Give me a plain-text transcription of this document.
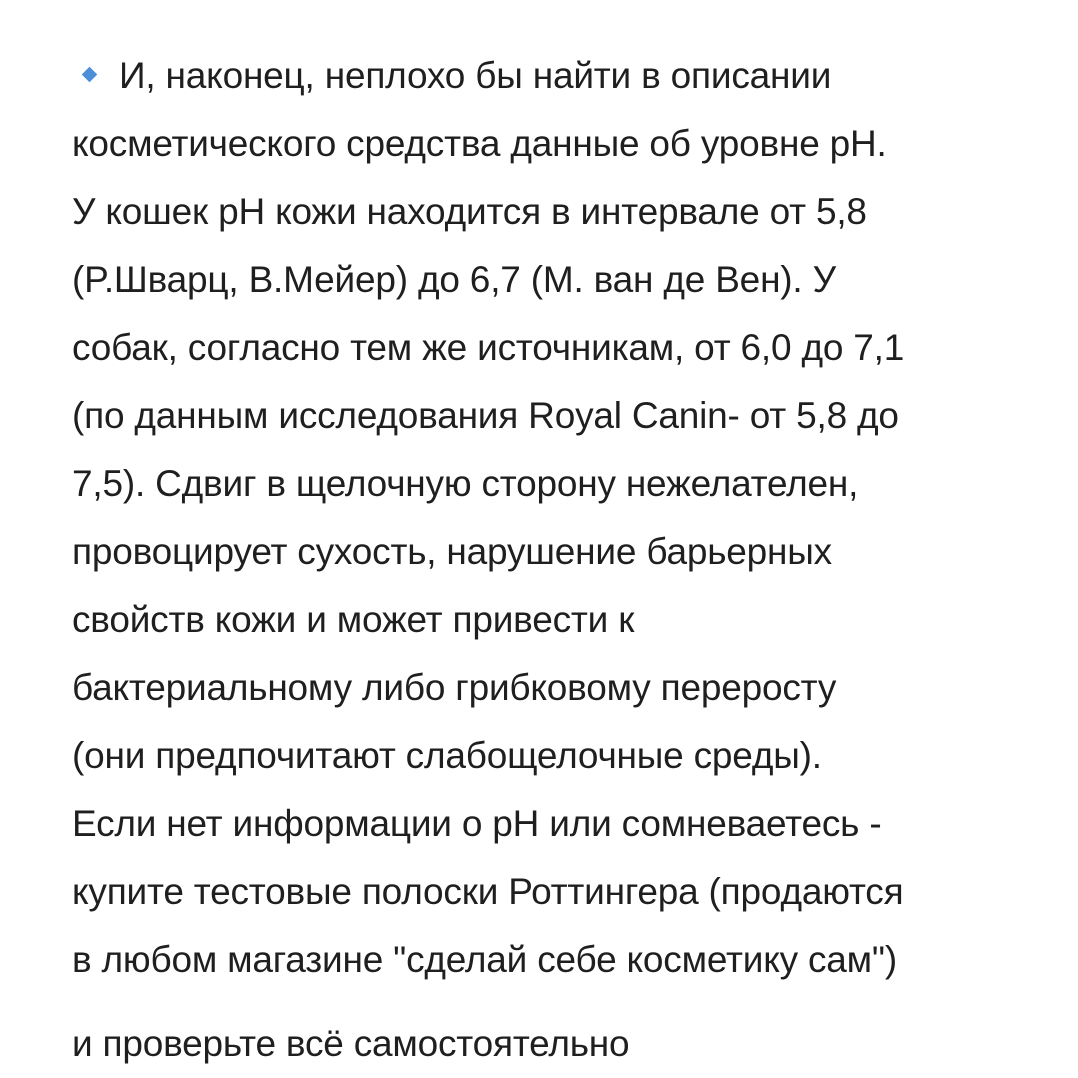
И, наконец, неплохо бы найти в описании
косметического средства данные об уровне pH.
У кошек pH кожи находится в интервале от 5,8
(P.Шварц, В.Мейер) до 6,7 (М. ван де Вен). У
собак, согласно тем же источникам, от 6,0 до 7,1
(по данным исследования Royal Canin- от 5,8 до
7,5). Сдвиг в щелочную сторону нежелателен,
провоцирует сухость, нарушение барьерных
свойств кожи и может привести к
бактериальному либо грибковому переросту
(они предпочитают слабощелочные среды).
Если нет информации о pH или сомневаетесь -
купите тестовые полоски Роттингера (продаются
в любом магазине "сделай себе косметику сам")
и проверьте всё самостоятельно
